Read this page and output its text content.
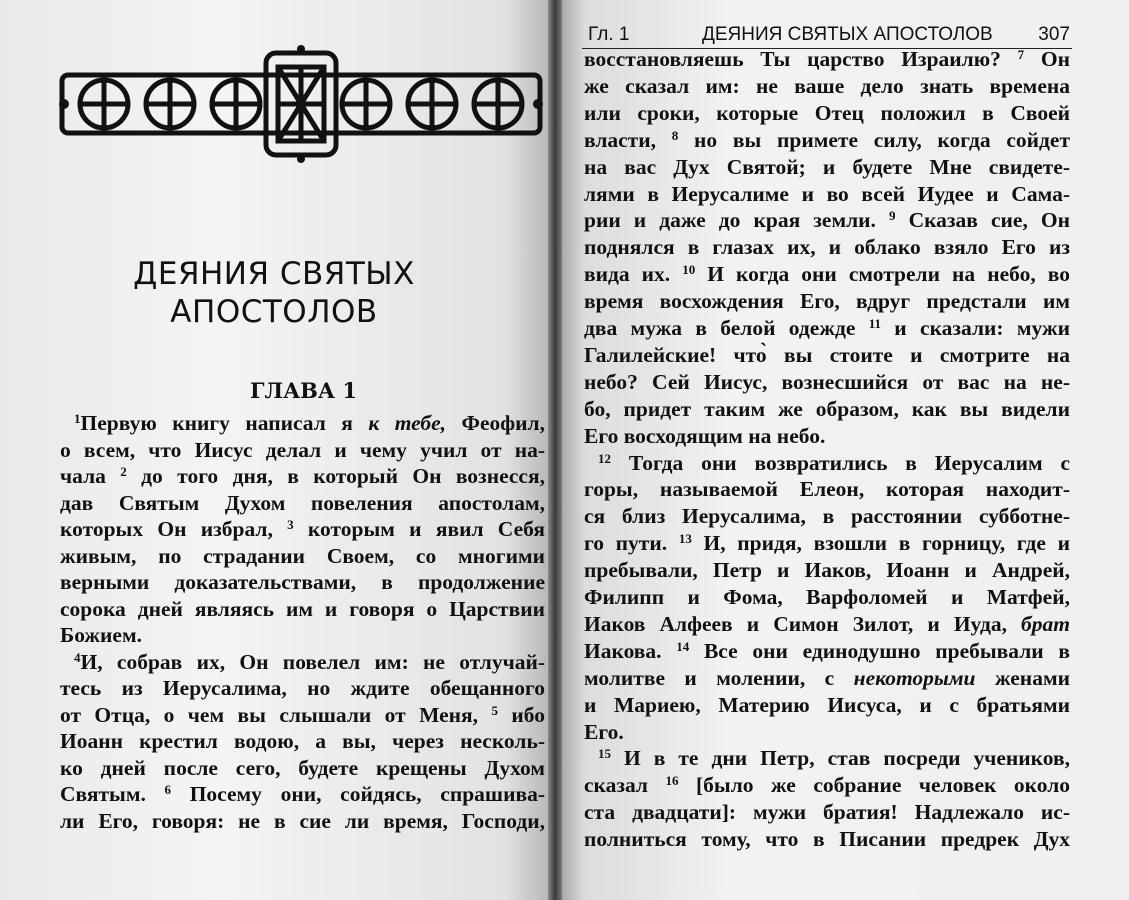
ДЕЯНИЯ СВЯТЫХ
АПОСТОЛОВ
ГЛАВА 1
$^1$Первую книгу написал я к тебе, Феофил,
о всем, что Иисус делал и чему учил от на-
чала $^2$ до того дня, в который Он вознесся,
дав Святым Духом повеления апостолам,
которых Он избрал, $^3$ которым и явил Себя
живым, по страдании Своем, со многими
верными доказательствами, в продолжение
сорока дней являясь им и говоря о Царствии
Божием.
$^4$И, собрав их, Он повелел им: не отлучай-
тесь из Иерусалима, но ждите обещанного
от Отца, о чем вы слышали от Меня, $^5$ ибо
Иоанн крестил водою, а вы, через несколь-
ко дней после сего, будете крещены Духом
Святым. $^6$ Посему они, сойдясь, спрашива-
ли Его, говоря: не в сие ли время, Господи,
восстановляешь Ты царство Израилю? $^7$ Он
же сказал им: не ваше дело знать времена
или сроки, которые Отец положил в Своей
власти, $^8$ но вы примете силу, когда сойдет
на вас Дух Святой; и будете Мне свидете-
лями в Иерусалиме и во всей Иудее и Сама-
рии и даже до края земли. $^9$ Сказав сие, Он
поднялся в глазах их, и облако взяло Его из
вида их. $^{10}$ И когда они смотрели на небо, во
время восхождения Его, вдруг предстали им
два мужа в белой одежде $^{11}$ и сказали: мужи
Галилейские! что̀ вы стоите и смотрите на
небо? Сей Иисус, вознесшийся от вас на не-
бо, придет таким же образом, как вы видели
Его восходящим на небо.
$^{12}$ Тогда они возвратились в Иерусалим с
горы, называемой Елеон, которая находит-
ся близ Иерусалима, в расстоянии субботне-
го пути. $^{13}$ И, придя, взошли в горницу, где и
пребывали, Петр и Иаков, Иоанн и Андрей,
Филипп и Фома, Варфоломей и Матфей,
Иаков Алфеев и Симон Зилот, и Иуда, брат
Иакова. $^{14}$ Все они единодушно пребывали в
молитве и молении, с некоторыми женами
и Мариею, Материю Иисуса, и с братьями
Его.
$^{15}$ И в те дни Петр, став посреди учеников,
сказал $^{16}$ [было же собрание человек около
ста двадцати]: мужи братия! Надлежало ис-
полниться тому, что в Писании предрек Дух
Гл. 1	ДЕЯНИЯ СВЯТЫХ АПОСТОЛОВ 307
